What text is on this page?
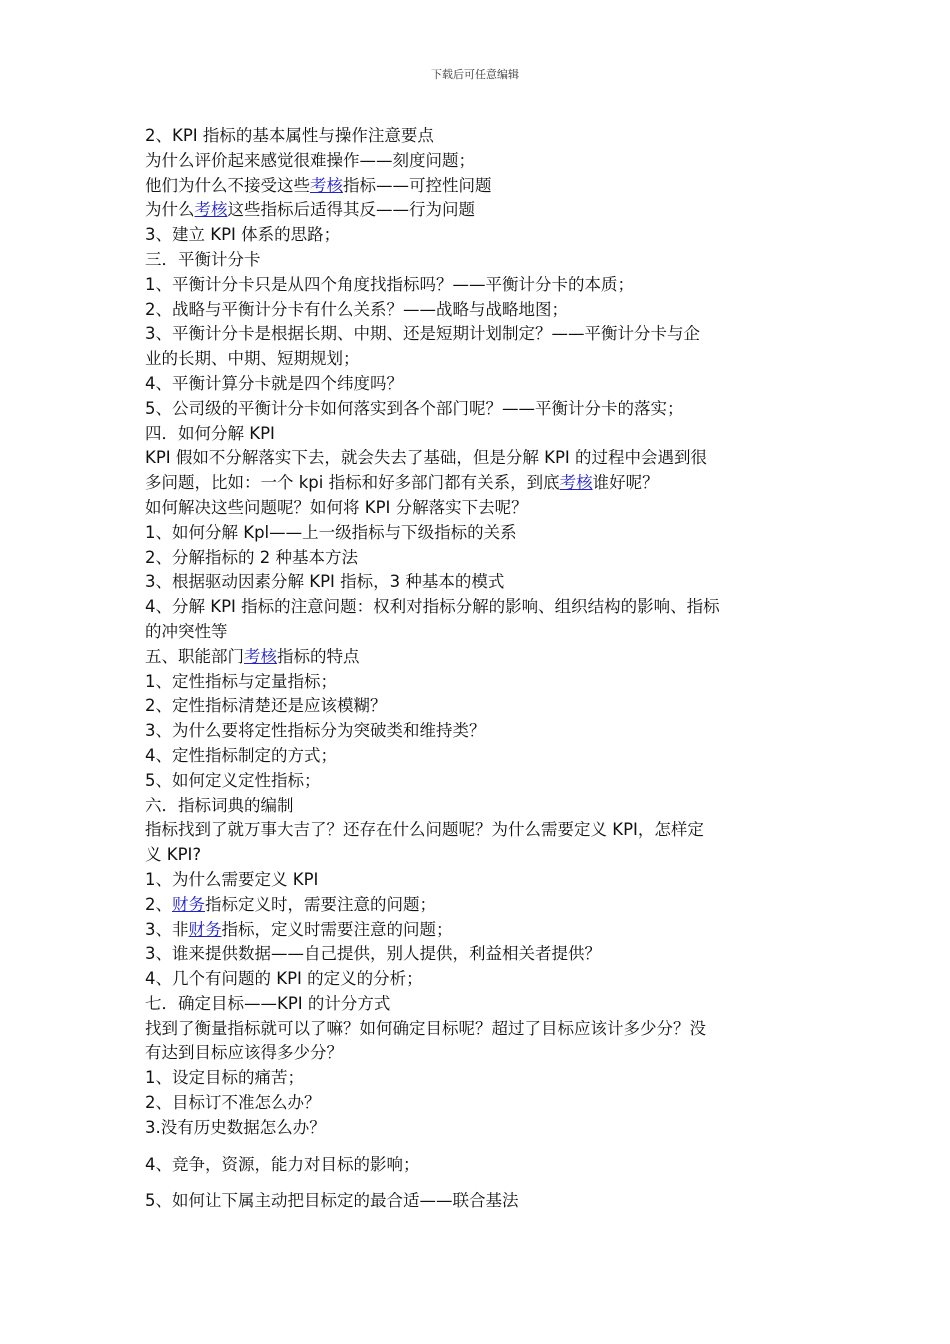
下载后可任意编辑
2、KPI 指标的基本属性与操作注意要点
为什么评价起来感觉很难操作——刻度问题；
他们为什么不接受这些考核指标——可控性问题
为什么考核这些指标后适得其反——行为问题
3、建立 KPI 体系的思路；
三．平衡计分卡
1、平衡计分卡只是从四个角度找指标吗？——平衡计分卡的本质；
2、战略与平衡计分卡有什么关系？——战略与战略地图；
3、平衡计分卡是根据长期、中期、还是短期计划制定？——平衡计分卡与企
业的长期、中期、短期规划；
4、平衡计算分卡就是四个纬度吗？
5、公司级的平衡计分卡如何落实到各个部门呢？——平衡计分卡的落实；
四．如何分解 KPI
KPI 假如不分解落实下去，就会失去了基础，但是分解 KPI 的过程中会遇到很
多问题，比如：一个 kpi 指标和好多部门都有关系，到底考核谁好呢？
如何解决这些问题呢？如何将 KPI 分解落实下去呢？
1、如何分解 Kpl——上一级指标与下级指标的关系
2、分解指标的 2 种基本方法
3、根据驱动因素分解 KPI 指标，3 种基本的模式
4、分解 KPI 指标的注意问题：权利对指标分解的影响、组织结构的影响、指标
的冲突性等
五、职能部门考核指标的特点
1、定性指标与定量指标；
2、定性指标清楚还是应该模糊？
3、为什么要将定性指标分为突破类和维持类？
4、定性指标制定的方式；
5、如何定义定性指标；
六．指标词典的编制
指标找到了就万事大吉了？还存在什么问题呢？为什么需要定义 KPI，怎样定
义 KPI?
1、为什么需要定义 KPI
2、财务指标定义时，需要注意的问题；
3、非财务指标，定义时需要注意的问题；
3、谁来提供数据——自己提供，别人提供，利益相关者提供？
4、几个有问题的 KPI 的定义的分析；
七．确定目标——KPI 的计分方式
找到了衡量指标就可以了嘛？如何确定目标呢？超过了目标应该计多少分？没
有达到目标应该得多少分？
1、设定目标的痛苦；
2、目标订不准怎么办？
3.没有历史数据怎么办？
4、竞争，资源，能力对目标的影响；
5、如何让下属主动把目标定的最合适——联合基法
